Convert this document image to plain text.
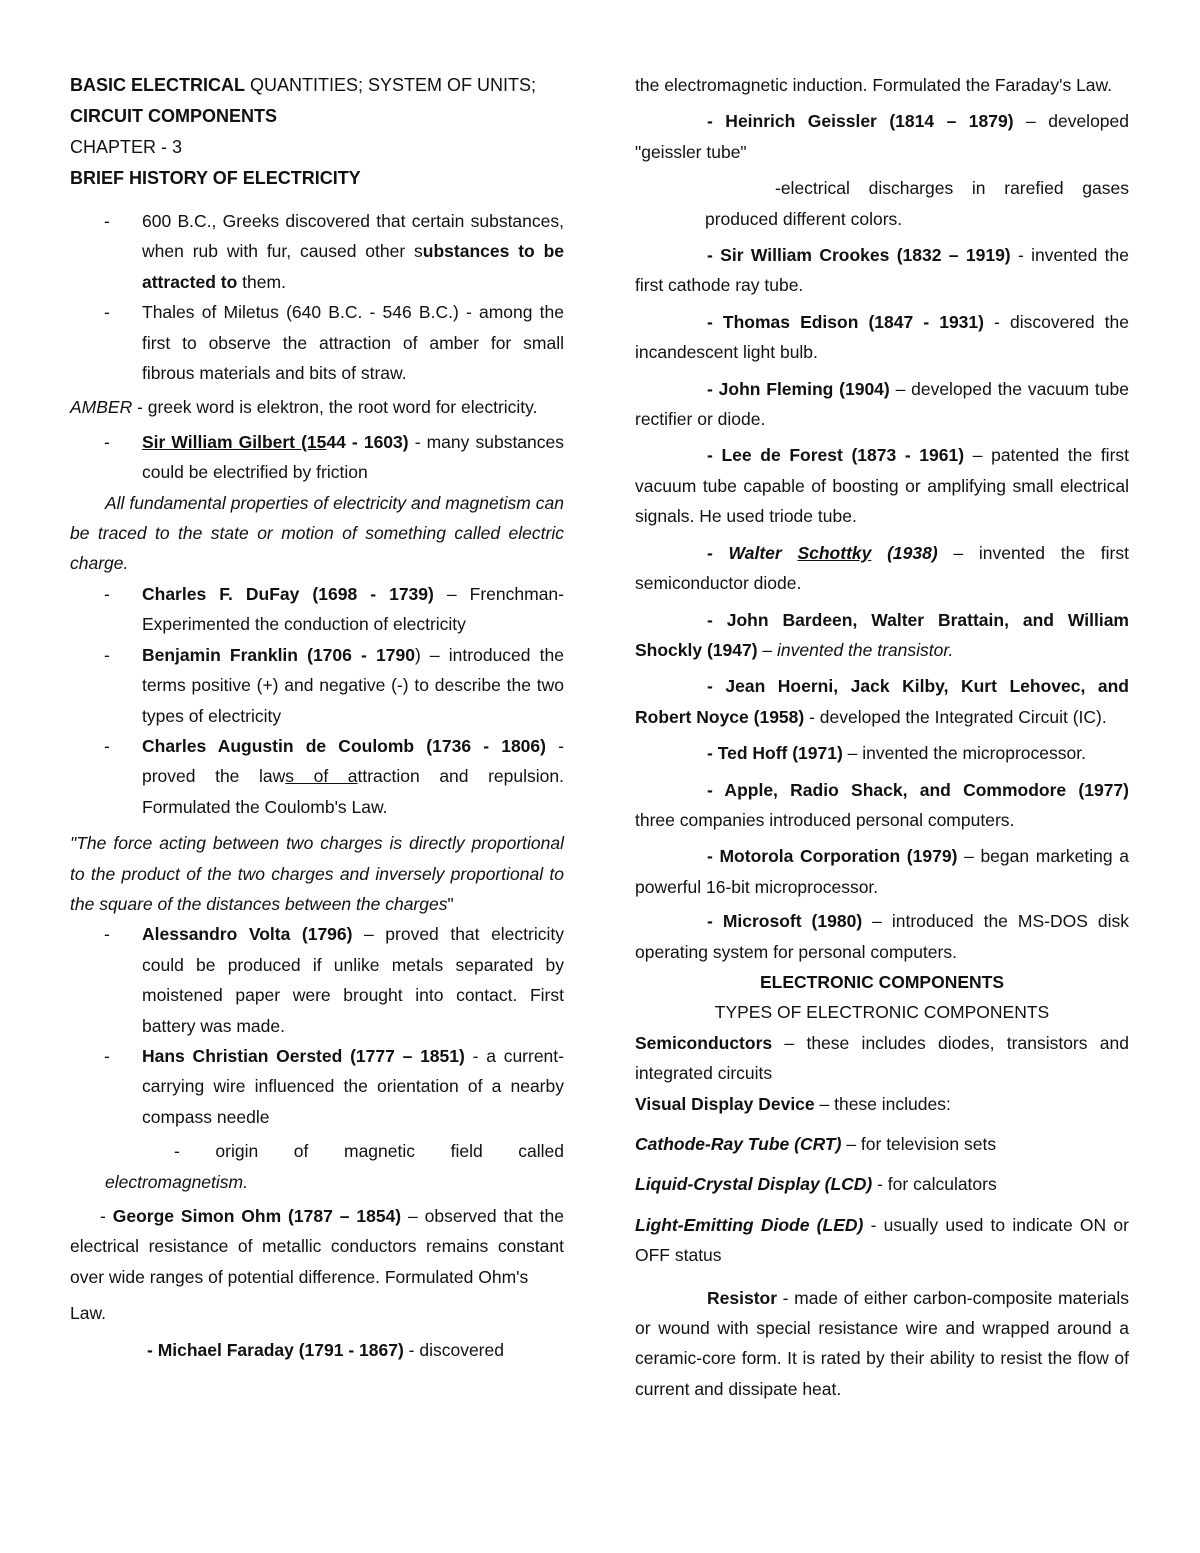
BASIC ELECTRICAL QUANTITIES; SYSTEM OF UNITS;

CIRCUIT COMPONENTS

CHAPTER - 3

BRIEF HISTORY OF ELECTRICITY

- 600 B.C., Greeks discovered that certain substances, when rub with fur, caused other substances to be attracted to them.

- Thales of Miletus (640 B.C. - 546 B.C.) - among the first to observe the attraction of amber for small fibrous materials and bits of straw.

AMBER - greek word is elektron, the root word for electricity.

- Sir William Gilbert (1544 - 1603) - many substances could be electrified by friction

All fundamental properties of electricity and magnetism can be traced to the state or motion of something called electric charge.

- Charles F. DuFay (1698 - 1739) – Frenchman- Experimented the conduction of electricity

- Benjamin Franklin (1706 - 1790) – introduced the terms positive (+) and negative (-) to describe the two types of electricity

- Charles Augustin de Coulomb (1736 - 1806) - proved the laws of attraction and repulsion. Formulated the Coulomb's Law.

"The force acting between two charges is directly proportional to the product of the two charges and inversely proportional to the square of the distances between the charges"

- Alessandro Volta (1796) – proved that electricity could be produced if unlike metals separated by moistened paper were brought into contact. First battery was made.

- Hans Christian Oersted (1777 – 1851) - a current-carrying wire influenced the orientation of a nearby compass needle

- origin of magnetic field called

electromagnetism.

- George Simon Ohm (1787 – 1854) – observed that the electrical resistance of metallic conductors remains constant over wide ranges of potential difference. Formulated Ohm's

Law.

- Michael Faraday (1791 - 1867) - discovered

the electromagnetic induction. Formulated the Faraday's Law.

- Heinrich Geissler (1814 – 1879) – developed "geissler tube"

-electrical discharges in rarefied gases produced different colors.

- Sir William Crookes (1832 – 1919) - invented the first cathode ray tube.

- Thomas Edison (1847 - 1931) - discovered the incandescent light bulb.

- John Fleming (1904) – developed the vacuum tube rectifier or diode.

- Lee de Forest (1873 - 1961) – patented the first vacuum tube capable of boosting or amplifying small electrical signals. He used triode tube.

- Walter Schottky (1938) – invented the first semiconductor diode.

- John Bardeen, Walter Brattain, and William Shockly (1947) – invented the transistor.

- Jean Hoerni, Jack Kilby, Kurt Lehovec, and Robert Noyce (1958) - developed the Integrated Circuit (IC).

- Ted Hoff (1971) – invented the microprocessor.

- Apple, Radio Shack, and Commodore (1977) three companies introduced personal computers.

- Motorola Corporation (1979) – began marketing a powerful 16-bit microprocessor.

- Microsoft (1980) – introduced the MS-DOS disk operating system for personal computers.

ELECTRONIC COMPONENTS

TYPES OF ELECTRONIC COMPONENTS

Semiconductors – these includes diodes, transistors and integrated circuits

Visual Display Device – these includes:

Cathode-Ray Tube (CRT) – for television sets

Liquid-Crystal Display (LCD) - for calculators

Light-Emitting Diode (LED) - usually used to indicate ON or OFF status

Resistor - made of either carbon-composite materials or wound with special resistance wire and wrapped around a ceramic-core form. It is rated by their ability to resist the flow of current and dissipate heat.
